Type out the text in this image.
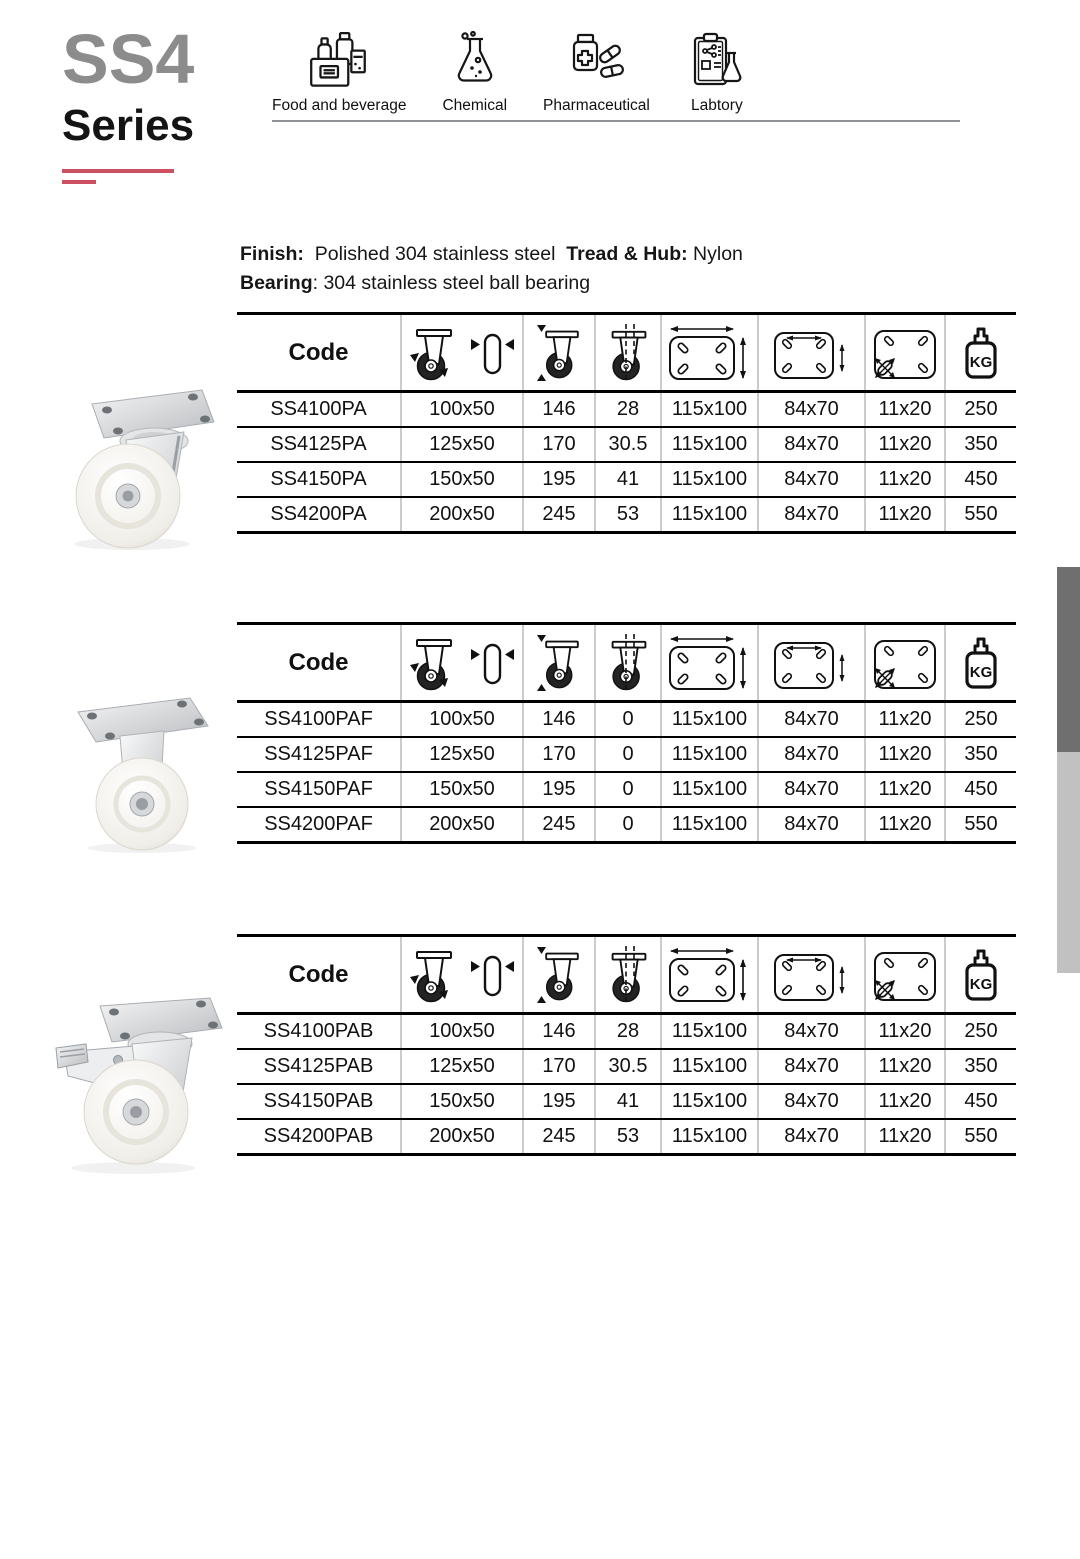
SS4
Series	Food and beverage Chemical Pharmaceutical	Labtory
Finish: Polished 304 stainless steel Tread & Hub: Nylon
Bearing: 304 stainless steel ball bearing
Code							
SS4100PA	100x50	146	28	115x100	84x70	11x20	250
SS4125PA	125x50	170	30.5	115x100	84x70	11x20	350
SS4150PA	150x50	195	41	115x100	84x70	11x20	450
SS4200PA	200x50	245	53	115x100	84x70	11x20	550
Code							
SS4100PAF	100x50	146	0	115x100	84x70	11x20	250
SS4125PAF	125x50	170	0	115x100	84x70	11x20	350
SS4150PAF	150x50	195	0	115x100	84x70	11x20	450
SS4200PAF	200x50	245	0	115x100	84x70	11x20	550
Code							
SS4100PAB	100x50	146	28	115x100	84x70	11x20	250
SS4125PAB	125x50	170	30.5	115x100	84x70	11x20	350
SS4150PAB	150x50	195	41	115x100	84x70	11x20	450
SS4200PAB	200x50	245	53	115x100	84x70	11x20	550
